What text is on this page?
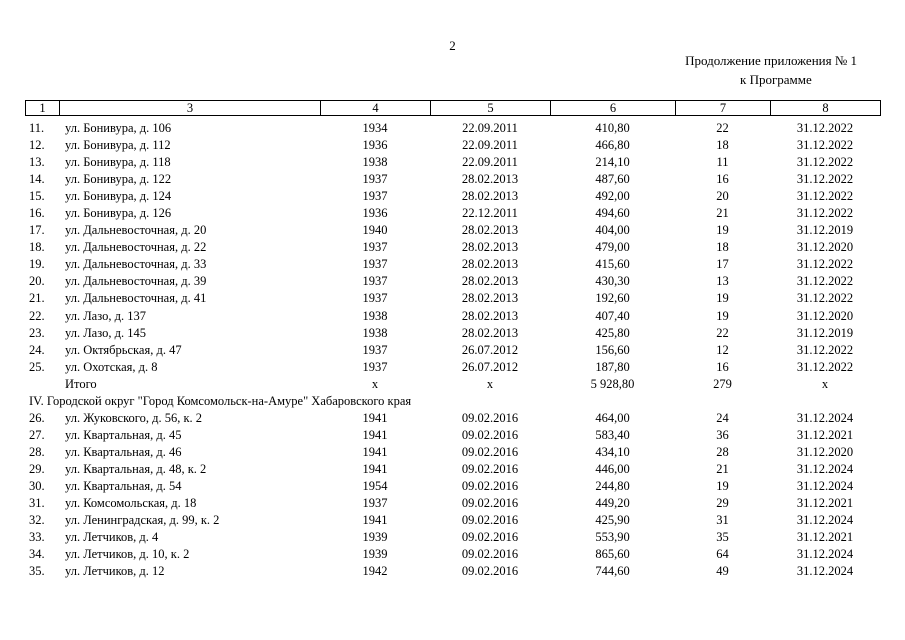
2
Продолжение приложения № 1
к Программе
1	3	4	5	6	7	8
11.	ул. Бонивура, д. 106	1934	22.09.2011	410,80	22	31.12.2022
12.	ул. Бонивура, д. 112	1936	22.09.2011	466,80	18	31.12.2022
13.	ул. Бонивура, д. 118	1938	22.09.2011	214,10	11	31.12.2022
14.	ул. Бонивура, д. 122	1937	28.02.2013	487,60	16	31.12.2022
15.	ул. Бонивура, д. 124	1937	28.02.2013	492,00	20	31.12.2022
16.	ул. Бонивура, д. 126	1936	22.12.2011	494,60	21	31.12.2022
17.	ул. Дальневосточная, д. 20	1940	28.02.2013	404,00	19	31.12.2019
18.	ул. Дальневосточная, д. 22	1937	28.02.2013	479,00	18	31.12.2020
19.	ул. Дальневосточная, д. 33	1937	28.02.2013	415,60	17	31.12.2022
20.	ул. Дальневосточная, д. 39	1937	28.02.2013	430,30	13	31.12.2022
21.	ул. Дальневосточная, д. 41	1937	28.02.2013	192,60	19	31.12.2022
22.	ул. Лазо, д. 137	1938	28.02.2013	407,40	19	31.12.2020
23.	ул. Лазо, д. 145	1938	28.02.2013	425,80	22	31.12.2019
24.	ул. Октябрьская, д. 47	1937	26.07.2012	156,60	12	31.12.2022
25.	ул. Охотская, д. 8	1937	26.07.2012	187,80	16	31.12.2022
	Итого	х	х	5 928,80	279	х
IV. Городской округ "Город Комсомольск-на-Амуре" Хабаровского края						
26.	ул. Жуковского, д. 56, к. 2	1941	09.02.2016	464,00	24	31.12.2024
27.	ул. Квартальная, д. 45	1941	09.02.2016	583,40	36	31.12.2021
28.	ул. Квартальная, д. 46	1941	09.02.2016	434,10	28	31.12.2020
29.	ул. Квартальная, д. 48, к. 2	1941	09.02.2016	446,00	21	31.12.2024
30.	ул. Квартальная, д. 54	1954	09.02.2016	244,80	19	31.12.2024
31.	ул. Комсомольская, д. 18	1937	09.02.2016	449,20	29	31.12.2021
32.	ул. Ленинградская, д. 99, к. 2	1941	09.02.2016	425,90	31	31.12.2024
33.	ул. Летчиков, д. 4	1939	09.02.2016	553,90	35	31.12.2021
34.	ул. Летчиков, д. 10, к. 2	1939	09.02.2016	865,60	64	31.12.2024
35.	ул. Летчиков, д. 12	1942	09.02.2016	744,60	49	31.12.2024
